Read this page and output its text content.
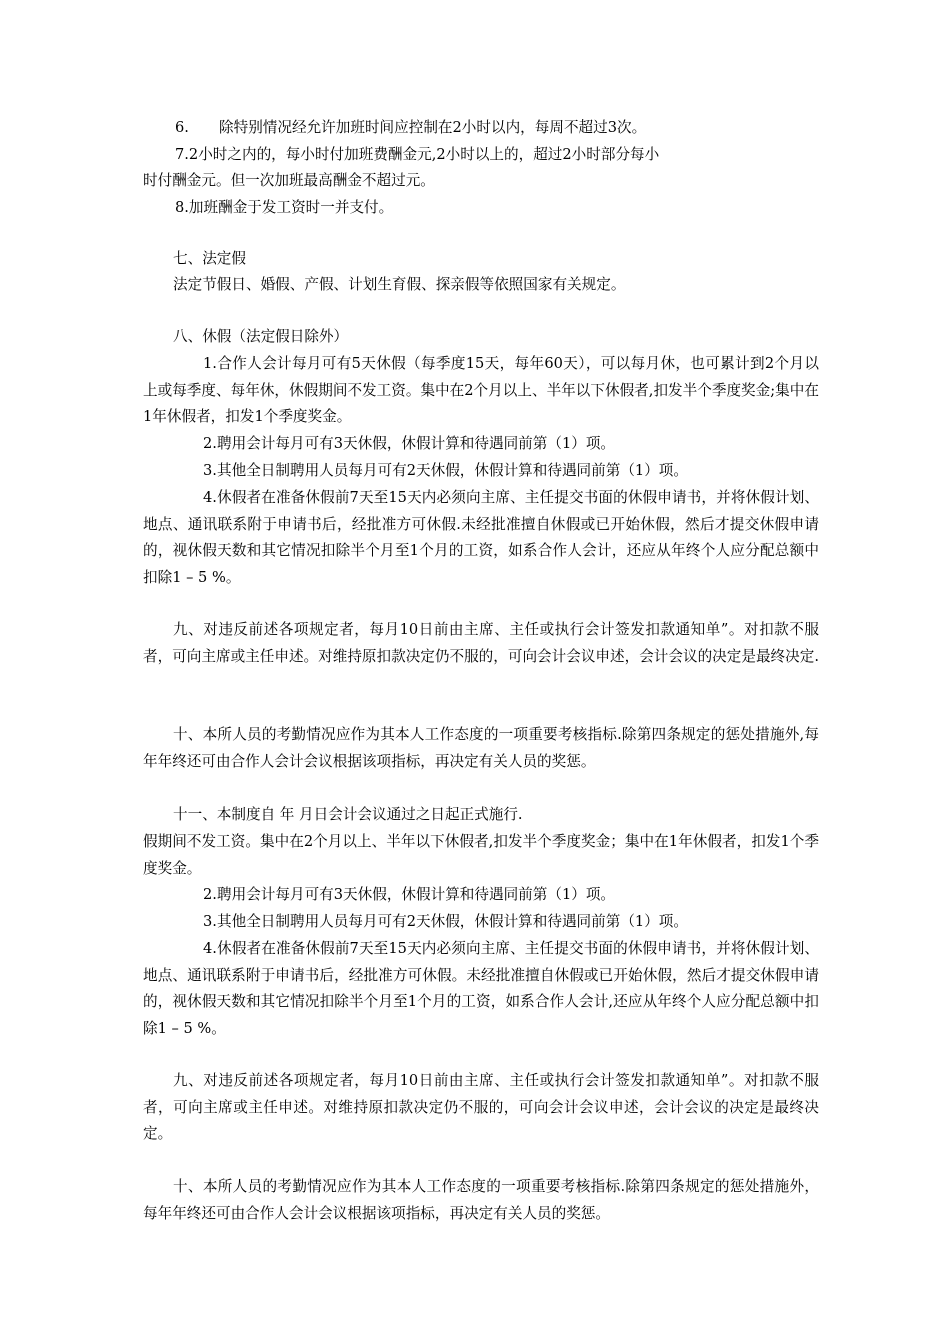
6. 除特别情况经允许加班时间应控制在2小时以内，每周不超过3次。

7.2小时之内的，每小时付加班费酬金元,2小时以上的，超过2小时部分每小

时付酬金元。但一次加班最高酬金不超过元。

8.加班酬金于发工资时一并支付。

七、法定假

法定节假日、婚假、产假、计划生育假、探亲假等依照国家有关规定。

八、休假（法定假日除外）

1.合作人会计每月可有5天休假（每季度15天，每年60天），可以每月休，也可累计到2个月以上或每季度、每年休，休假期间不发工资。集中在2个月以上、半年以下休假者,扣发半个季度奖金;集中在1年休假者，扣发1个季度奖金。

2.聘用会计每月可有3天休假，休假计算和待遇同前第（1）项。

3.其他全日制聘用人员每月可有2天休假，休假计算和待遇同前第（1）项。

4.休假者在准备休假前7天至15天内必须向主席、主任提交书面的休假申请书，并将休假计划、地点、通讯联系附于申请书后，经批准方可休假.未经批准擅自休假或已开始休假，然后才提交休假申请的，视休假天数和其它情况扣除半个月至1个月的工资，如系合作人会计，还应从年终个人应分配总额中扣除1 – 5 %。

九、对违反前述各项规定者，每月10日前由主席、主任或执行会计签发扣款通知单”。对扣款不服者，可向主席或主任申述。对维持原扣款决定仍不服的，可向会计会议申述，会计会议的决定是最终决定.

十、本所人员的考勤情况应作为其本人工作态度的一项重要考核指标.除第四条规定的惩处措施外,每年年终还可由合作人会计会议根据该项指标，再决定有关人员的奖惩。

十一、本制度自 年 月日会计会议通过之日起正式施行.

假期间不发工资。集中在2个月以上、半年以下休假者,扣发半个季度奖金；集中在1年休假者，扣发1个季度奖金。

2.聘用会计每月可有3天休假，休假计算和待遇同前第（1）项。

3.其他全日制聘用人员每月可有2天休假，休假计算和待遇同前第（1）项。

4.休假者在准备休假前7天至15天内必须向主席、主任提交书面的休假申请书，并将休假计划、地点、通讯联系附于申请书后，经批准方可休假。未经批准擅自休假或已开始休假，然后才提交休假申请的，视休假天数和其它情况扣除半个月至1个月的工资，如系合作人会计,还应从年终个人应分配总额中扣除1 – 5 %。

九、对违反前述各项规定者，每月10日前由主席、主任或执行会计签发扣款通知单”。对扣款不服者，可向主席或主任申述。对维持原扣款决定仍不服的，可向会计会议申述，会计会议的决定是最终决定。

十、本所人员的考勤情况应作为其本人工作态度的一项重要考核指标.除第四条规定的惩处措施外，每年年终还可由合作人会计会议根据该项指标，再决定有关人员的奖惩。
